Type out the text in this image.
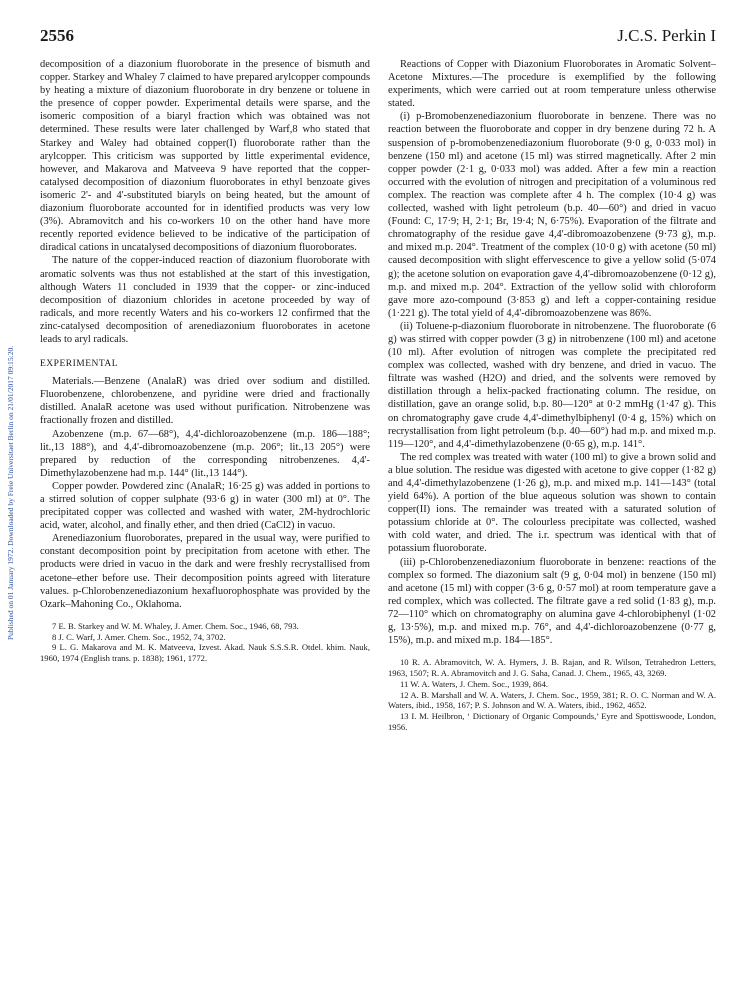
2556	J.C.S. Perkin I
Published on 01 January 1972. Downloaded by Freie Universitaet Berlin on 21/01/2017 09:15:20.

decomposition of a diazonium fluoroborate in the presence of bismuth and copper. Starkey and Whaley 7 claimed to have prepared arylcopper compounds by heating a mixture of diazonium fluoroborate in dry benzene or toluene in the presence of copper powder. Experimental details were sparse, and the isomeric composition of a biaryl fraction which was obtained was not determined. These results were later challenged by Warf,8 who stated that Starkey and Waley had obtained copper(I) fluoroborate rather than the arylcopper. This criticism was supported by little experimental evidence, however, and Makarova and Matveeva 9 have reported that the copper-catalysed decomposition of diazonium fluoroborates in ethyl benzoate gives isomeric 2'- and 4'-substituted biaryls on being heated, but the amount of diazonium fluoroborate accounted for in identified products was very low (3%). Abramovitch and his co-workers 10 on the other hand have more recently reported evidence believed to be indicative of the participation of diradical cations in uncatalysed decompositions of diazonium fluoroborates.

The nature of the copper-induced reaction of diazonium fluoroborate with aromatic solvents was thus not established at the start of this investigation, although Waters 11 concluded in 1939 that the copper- or zinc-induced decomposition of diazonium chlorides in acetone proceeded by way of radicals, and more recently Waters and his co-workers 12 confirmed that the zinc-catalysed decomposition of arenediazonium fluoroborates in acetone leads to aryl radicals.

EXPERIMENTAL

Materials.—Benzene (AnalaR) was dried over sodium and distilled. Fluorobenzene, chlorobenzene, and pyridine were dried and fractionally distilled. AnalaR acetone was used without purification. Nitrobenzene was fractionally frozen and distilled.

Azobenzene (m.p. 67—68°), 4,4'-dichloroazobenzene (m.p. 186—188°; lit.,13 188°), and 4,4'-dibromoazobenzene (m.p. 206°; lit.,13 205°) were prepared by reduction of the corresponding nitrobenzenes. 4,4'-Dimethylazobenzene had m.p. 144° (lit.,13 144°).

Copper powder. Powdered zinc (AnalaR; 16·25 g) was added in portions to a stirred solution of copper sulphate (93·6 g) in water (300 ml) at 0°. The precipitated copper was collected and washed with water, 2M-hydrochloric acid, water, alcohol, and finally ether, and then dried (CaCl2) in vacuo.

Arenediazonium fluoroborates, prepared in the usual way, were purified to constant decomposition point by precipitation from acetone with ether. The products were dried in vacuo in the dark and were freshly recrystallised from acetone–ether before use. Their decomposition points agreed with literature values. p-Chlorobenzenediazonium hexafluorophosphate was provided by the Ozark–Mahoning Co., Oklahoma.

7 E. B. Starkey and W. M. Whaley, J. Amer. Chem. Soc., 1946, 68, 793.
8 J. C. Warf, J. Amer. Chem. Soc., 1952, 74, 3702.
9 L. G. Makarova and M. K. Matveeva, Izvest. Akad. Nauk S.S.S.R. Otdel. khim. Nauk, 1960, 1974 (English trans. p. 1838); 1961, 1772.

Reactions of Copper with Diazonium Fluoroborates in Aromatic Solvent–Acetone Mixtures.—The procedure is exemplified by the following experiments, which were carried out at room temperature unless otherwise stated.

(i) p-Bromobenzenediazonium fluoroborate in benzene. There was no reaction between the fluoroborate and copper in dry benzene during 72 h. A suspension of p-bromobenzenediazonium fluoroborate (9·0 g, 0·033 mol) in benzene (150 ml) and acetone (15 ml) was stirred magnetically. After 2 min copper powder (2·1 g, 0·033 mol) was added. After a few min a reaction occurred with the evolution of nitrogen and precipitation of a voluminous red complex. The reaction was complete after 4 h. The complex (10·4 g) was collected, washed with light petroleum (b.p. 40—60°) and dried in vacuo (Found: C, 17·9; H, 2·1; Br, 19·4; N, 6·75%). Evaporation of the filtrate and chromatography of the residue gave 4,4'-dibromoazobenzene (9·73 g), m.p. and mixed m.p. 204°. Treatment of the complex (10·0 g) with acetone (50 ml) caused decomposition with slight effervescence to give a yellow solid (5·074 g); the acetone solution on evaporation gave 4,4'-dibromoazobenzene (0·12 g), m.p. and mixed m.p. 204°. Extraction of the yellow solid with chloroform gave more azo-compound (3·853 g) and left a copper-containing residue (1·221 g). The total yield of 4,4'-dibromoazobenzene was 86%.

(ii) Toluene-p-diazonium fluoroborate in nitrobenzene. The fluoroborate (6 g) was stirred with copper powder (3 g) in nitrobenzene (100 ml) and acetone (10 ml). After evolution of nitrogen was complete the precipitated red complex was collected, washed with dry benzene, and dried in vacuo. The filtrate was washed (H2O) and dried, and the solvents were removed by distillation through a helix-packed fractionating column. The residue, on distillation, gave an orange solid, b.p. 80—120° at 0·2 mmHg (1·47 g). This on chromatography gave crude 4,4'-dimethylbiphenyl (0·4 g, 15%) which on recrystallisation from light petroleum (b.p. 40—60°) had m.p. and mixed m.p. 119—120°, and 4,4'-dimethylazobenzene (0·65 g), m.p. 141°.

The red complex was treated with water (100 ml) to give a brown solid and a blue solution. The residue was digested with acetone to give copper (1·82 g) and 4,4'-dimethylazobenzene (1·26 g), m.p. and mixed m.p. 141—143° (total yield 64%). A portion of the blue aqueous solution was shown to contain copper(II) ions. The remainder was treated with a saturated solution of potassium chloride at 0°. The colourless precipitate was collected, washed with cold water, and dried. The i.r. spectrum was identical with that of potassium fluoroborate.

(iii) p-Chlorobenzenediazonium fluoroborate in benzene: reactions of the complex so formed. The diazonium salt (9 g, 0·04 mol) in benzene (150 ml) and acetone (15 ml) with copper (3·6 g, 0·57 mol) at room temperature gave a red complex, which was collected. The filtrate gave a red solid (1·83 g), m.p. 72—110° which on chromatography on alumina gave 4-chlorobiphenyl (1·02 g, 13·5%), m.p. and mixed m.p. 76°, and 4,4'-dichloroazobenzene (0·77 g, 15%), m.p. and mixed m.p. 184—185°.

10 R. A. Abramovitch, W. A. Hymers, J. B. Rajan, and R. Wilson, Tetrahedron Letters, 1963, 1507; R. A. Abramovitch and J. G. Saha, Canad. J. Chem., 1965, 43, 3269.
11 W. A. Waters, J. Chem. Soc., 1939, 864.
12 A. B. Marshall and W. A. Waters, J. Chem. Soc., 1959, 381; R. O. C. Norman and W. A. Waters, ibid., 1958, 167; P. S. Johnson and W. A. Waters, ibid., 1962, 4652.
13 I. M. Heilbron, ‘ Dictionary of Organic Compounds,’ Eyre and Spottiswoode, London, 1956.
